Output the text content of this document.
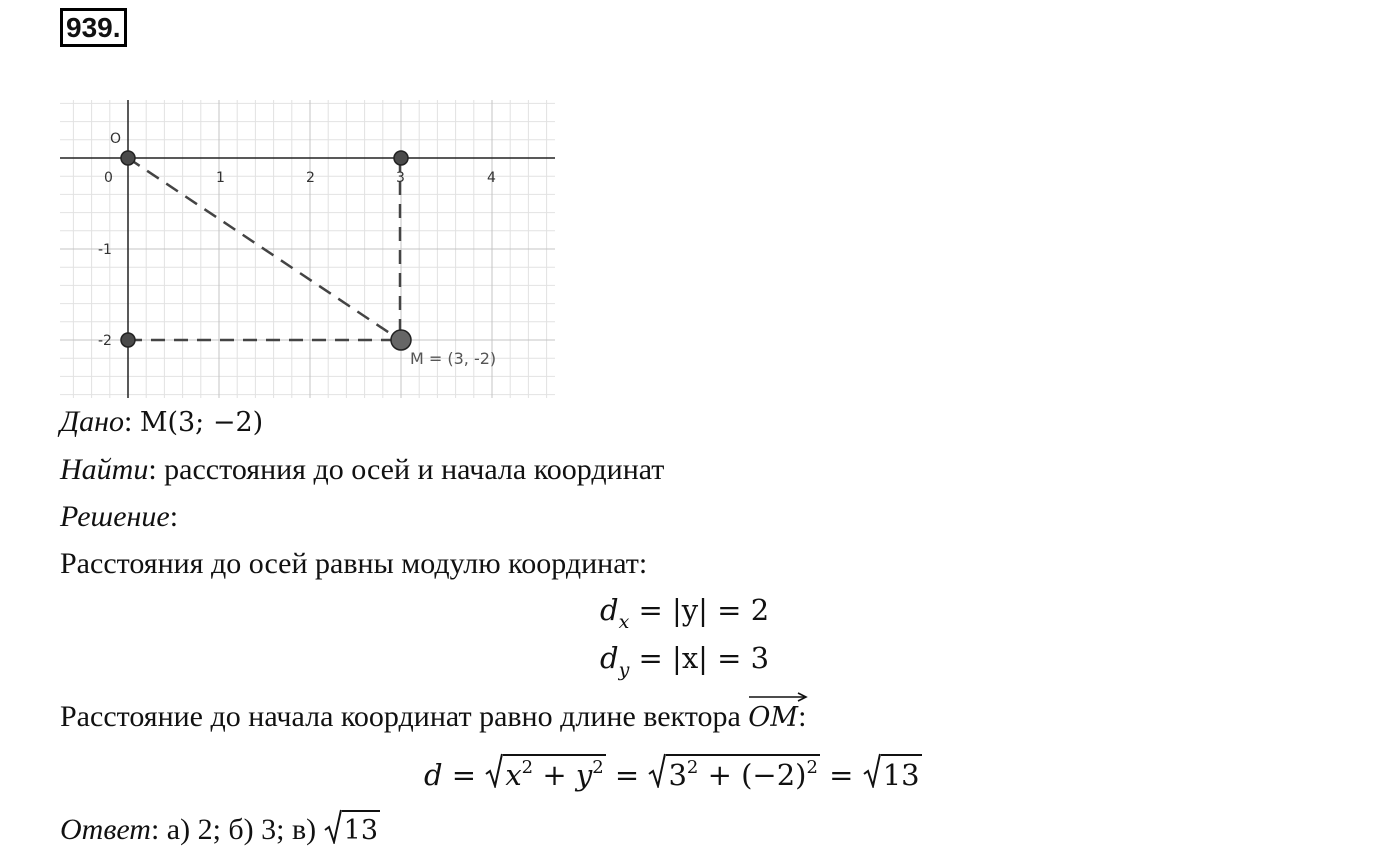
939.
O
0	1	2	3	4
-1
-2
M = (3, -2)
Дано: M(3; −2)
Найти: расстояния до осей и начала координат
Решение:
Расстояния до осей равны модулю координат:
$d_x = |y| = 2$
$d_y = |x| = 3$
Расстояние до начала координат равно длине вектора
OM:
d =
$x^2 + y^2$ =
$3^2 + (-2)^2$ =
13
Ответ: а) 2; б) 3; в)
13
